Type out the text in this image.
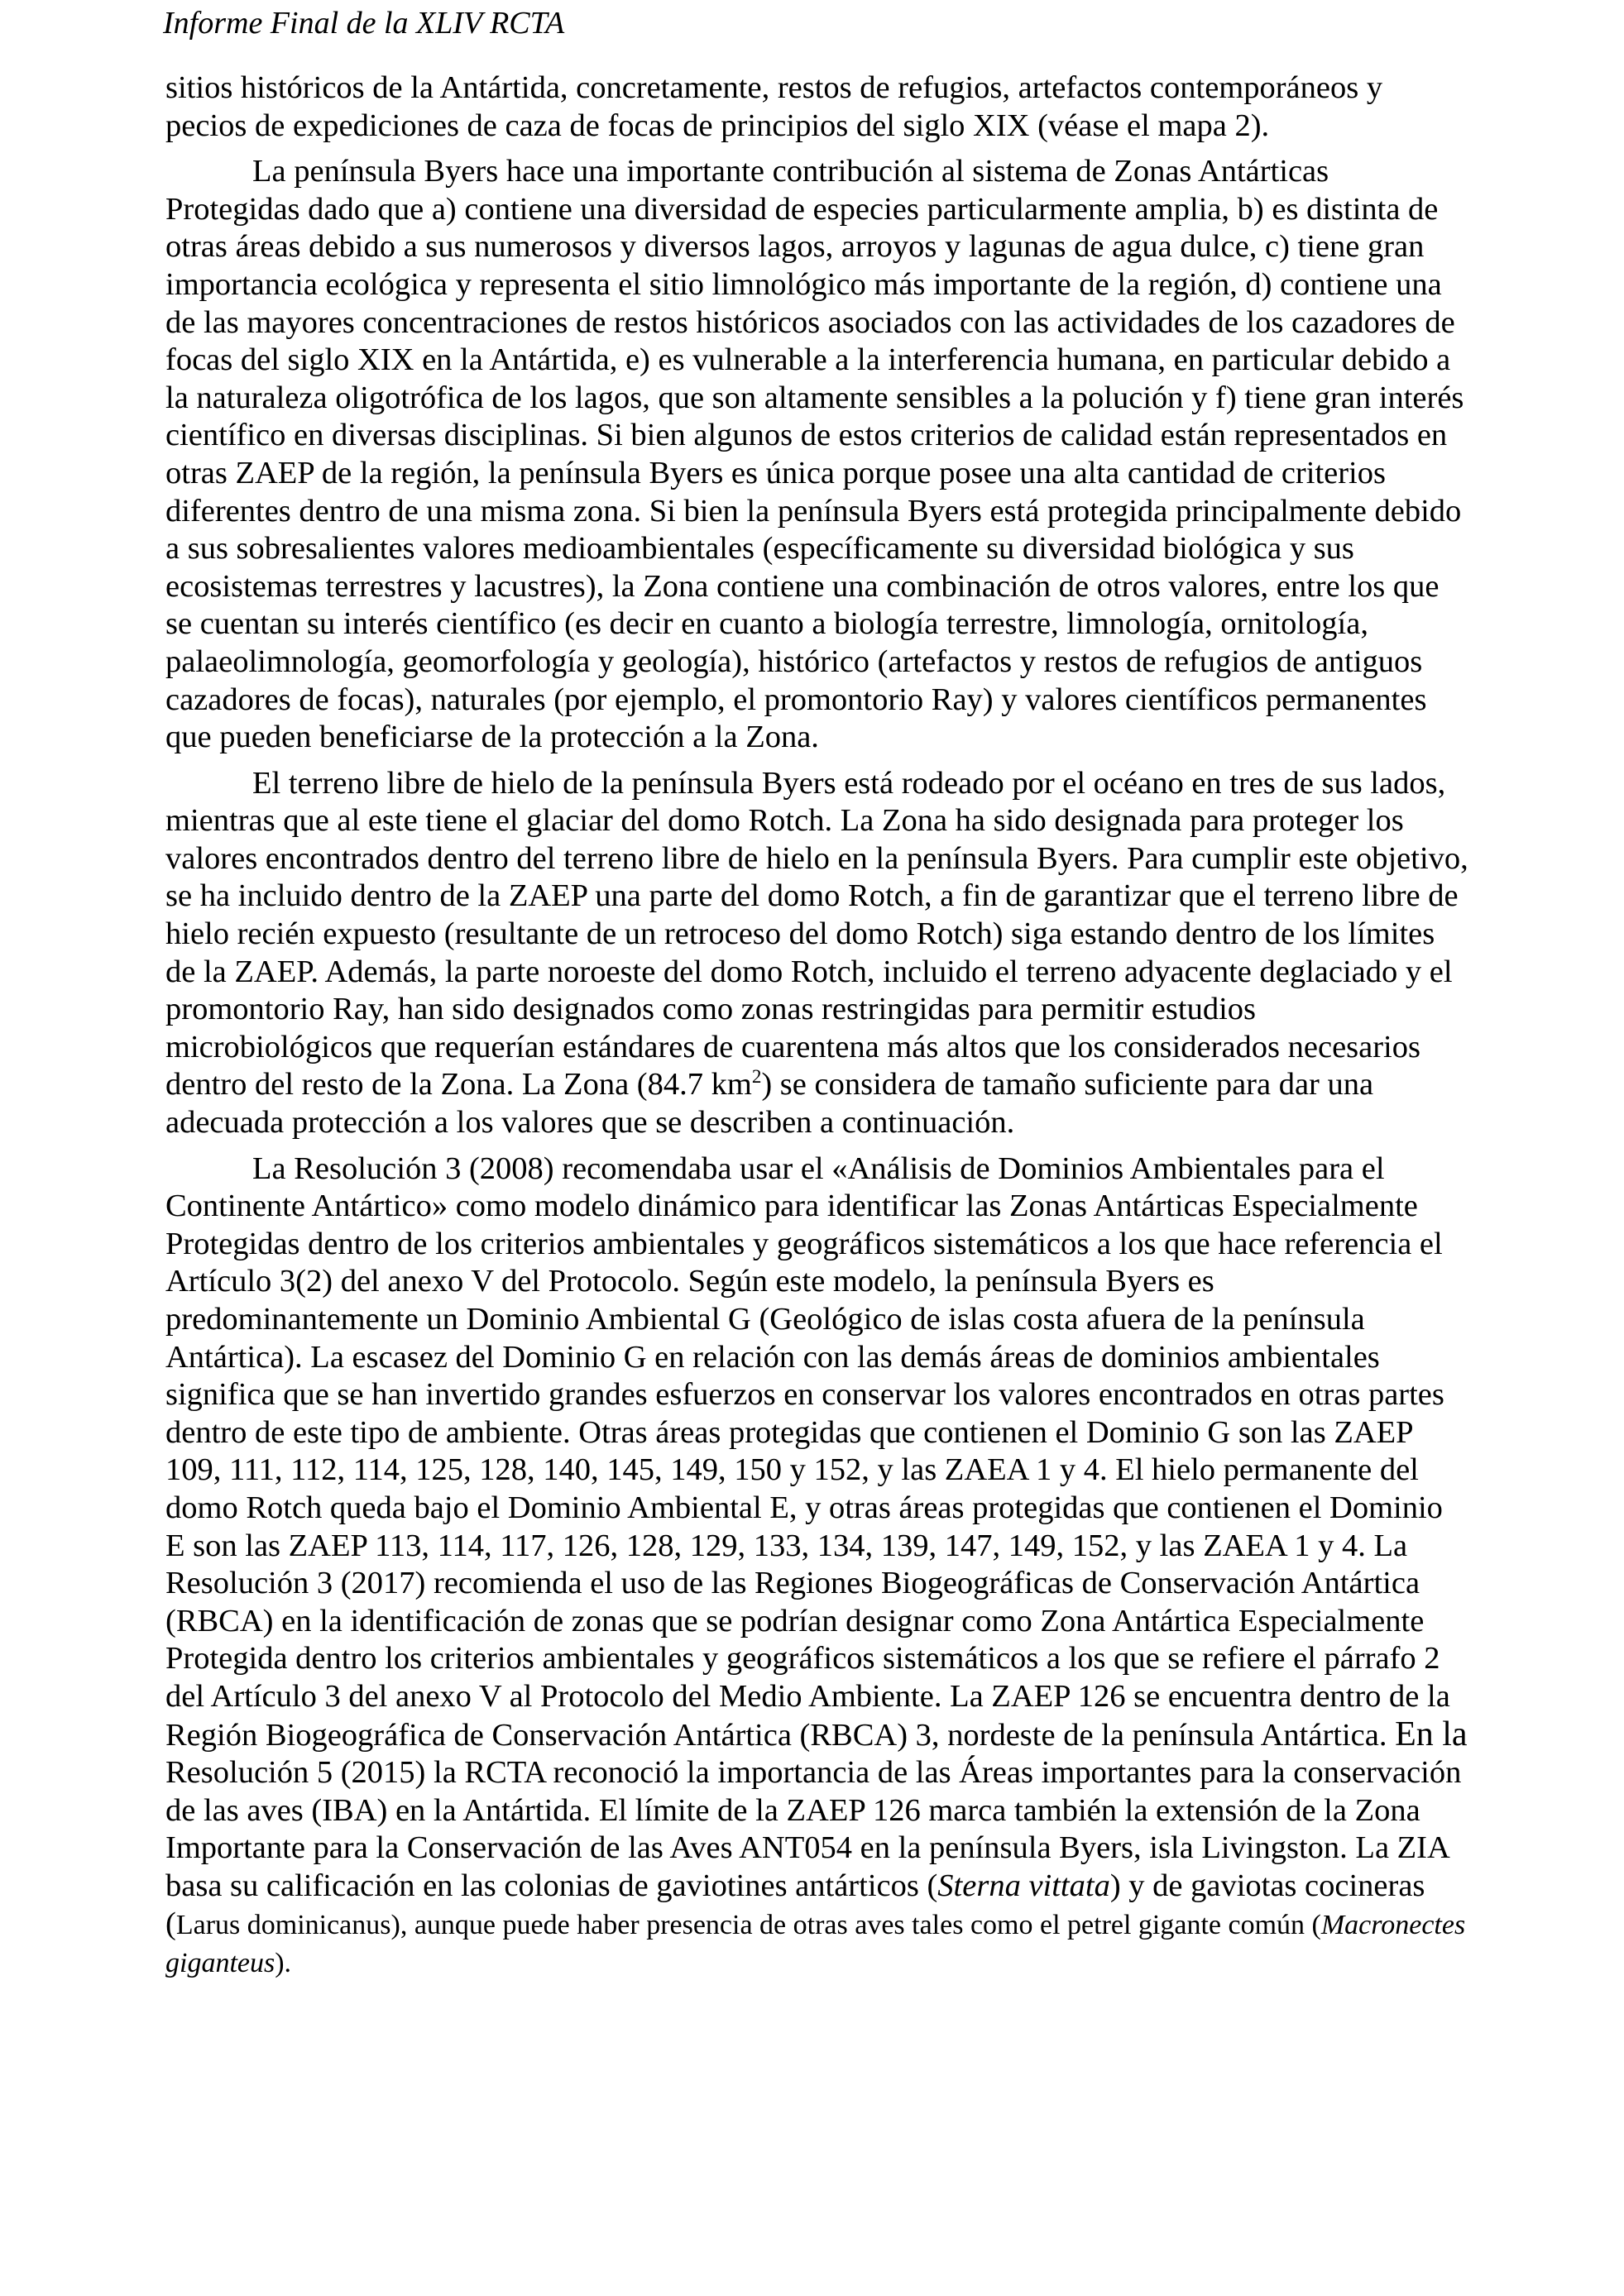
Informe Final de la XLIV RCTA

sitios históricos de la Antártida, concretamente, restos de refugios, artefactos contemporáneos y pecios de expediciones de caza de focas de principios del siglo XIX (véase el mapa 2).

La península Byers hace una importante contribución al sistema de Zonas Antárticas Protegidas dado que a) contiene una diversidad de especies particularmente amplia, b) es distinta de otras áreas debido a sus numerosos y diversos lagos, arroyos y lagunas de agua dulce, c) tiene gran importancia ecológica y representa el sitio limnológico más importante de la región, d) contiene una de las mayores concentraciones de restos históricos asociados con las actividades de los cazadores de focas del siglo XIX en la Antártida, e) es vulnerable a la interferencia humana, en particular debido a la naturaleza oligotrófica de los lagos, que son altamente sensibles a la polución y f) tiene gran interés científico en diversas disciplinas. Si bien algunos de estos criterios de calidad están representados en otras ZAEP de la región, la península Byers es única porque posee una alta cantidad de criterios diferentes dentro de una misma zona. Si bien la península Byers está protegida principalmente debido a sus sobresalientes valores medioambientales (específicamente su diversidad biológica y sus ecosistemas terrestres y lacustres), la Zona contiene una combinación de otros valores, entre los que se cuentan su interés científico (es decir en cuanto a biología terrestre, limnología, ornitología, palaeolimnología, geomorfología y geología), histórico (artefactos y restos de refugios de antiguos cazadores de focas), naturales (por ejemplo, el promontorio Ray) y valores científicos permanentes que pueden beneficiarse de la protección a la Zona.

El terreno libre de hielo de la península Byers está rodeado por el océano en tres de sus lados, mientras que al este tiene el glaciar del domo Rotch. La Zona ha sido designada para proteger los valores encontrados dentro del terreno libre de hielo en la península Byers. Para cumplir este objetivo, se ha incluido dentro de la ZAEP una parte del domo Rotch, a fin de garantizar que el terreno libre de hielo recién expuesto (resultante de un retroceso del domo Rotch) siga estando dentro de los límites de la ZAEP. Además, la parte noroeste del domo Rotch, incluido el terreno adyacente deglaciado y el promontorio Ray, han sido designados como zonas restringidas para permitir estudios microbiológicos que requerían estándares de cuarentena más altos que los considerados necesarios dentro del resto de la Zona. La Zona (84.7 $km^2$) se considera de tamaño suficiente para dar una adecuada protección a los valores que se describen a continuación.

La Resolución 3 (2008) recomendaba usar el «Análisis de Dominios Ambientales para el Continente Antártico» como modelo dinámico para identificar las Zonas Antárticas Especialmente Protegidas dentro de los criterios ambientales y geográficos sistemáticos a los que hace referencia el Artículo 3(2) del anexo V del Protocolo. Según este modelo, la península Byers es predominantemente un Dominio Ambiental G (Geológico de islas costa afuera de la península Antártica). La escasez del Dominio G en relación con las demás áreas de dominios ambientales significa que se han invertido grandes esfuerzos en conservar los valores encontrados en otras partes dentro de este tipo de ambiente. Otras áreas protegidas que contienen el Dominio G son las ZAEP 109, 111, 112, 114, 125, 128, 140, 145, 149, 150 y 152, y las ZAEA 1 y 4. El hielo permanente del domo Rotch queda bajo el Dominio Ambiental E, y otras áreas protegidas que contienen el Dominio E son las ZAEP 113, 114, 117, 126, 128, 129, 133, 134, 139, 147, 149, 152, y las ZAEA 1 y 4. La Resolución 3 (2017) recomienda el uso de las Regiones Biogeográficas de Conservación Antártica (RBCA) en la identificación de zonas que se podrían designar como Zona Antártica Especialmente Protegida dentro los criterios ambientales y geográficos sistemáticos a los que se refiere el párrafo 2 del Artículo 3 del anexo V al Protocolo del Medio Ambiente. La ZAEP 126 se encuentra dentro de la Región Biogeográfica de Conservación Antártica (RBCA) 3, nordeste de la península Antártica. En la Resolución 5 (2015) la RCTA reconoció la importancia de las Áreas importantes para la conservación de las aves (IBA) en la Antártida. El límite de la ZAEP 126 marca también la extensión de la Zona Importante para la Conservación de las Aves ANT054 en la península Byers, isla Livingston. La ZIA basa su calificación en las colonias de gaviotines antárticos (Sterna vittata) y de gaviotas cocineras (Larus dominicanus), aunque puede haber presencia de otras aves tales como el petrel gigante común (Macronectes giganteus).
